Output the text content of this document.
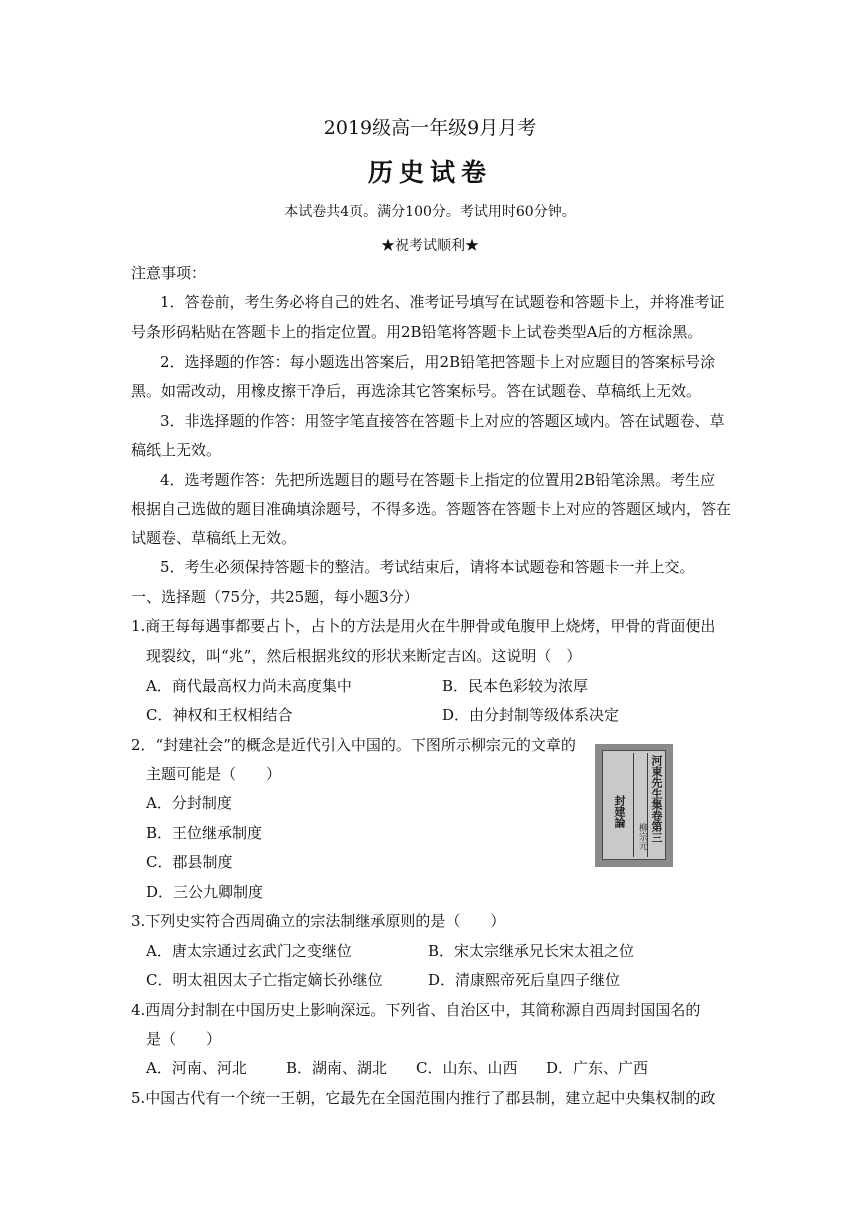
2019级高一年级9月月考
历史试卷
本试卷共4页。满分100分。考试用时60分钟。
★祝考试顺利★
注意事项：
1．答卷前，考生务必将自己的姓名、准考证号填写在试题卷和答题卡上，并将准考证
号条形码粘贴在答题卡上的指定位置。用2B铅笔将答题卡上试卷类型A后的方框涂黑。
2．选择题的作答：每小题选出答案后，用2B铅笔把答题卡上对应题目的答案标号涂
黑。如需改动，用橡皮擦干净后，再选涂其它答案标号。答在试题卷、草稿纸上无效。
3．非选择题的作答：用签字笔直接答在答题卡上对应的答题区域内。答在试题卷、草
稿纸上无效。
4．选考题作答：先把所选题目的题号在答题卡上指定的位置用2B铅笔涂黑。考生应
根据自己选做的题目准确填涂题号，不得多选。答题答在答题卡上对应的答题区域内，答在
试题卷、草稿纸上无效。
5．考生必须保持答题卡的整洁。考试结束后，请将本试题卷和答题卡一并上交。
一、选择题（75分，共25题，每小题3分）
1.商王每每遇事都要占卜，占卜的方法是用火在牛胛骨或龟腹甲上烧烤，甲骨的背面便出
现裂纹，叫“兆”，然后根据兆纹的形状来断定吉凶。这说明（　）
A．商代最高权力尚未高度集中	B．民本色彩较为浓厚
C．神权和王权相结合	D．由分封制等级体系决定
2．“封建社会”的概念是近代引入中国的。下图所示柳宗元的文章的
主题可能是（　　）
A．分封制度
B．王位继承制度
C．郡县制度
D．三公九卿制度
河東先生集卷第三
封建論
柳宗元
3.下列史实符合西周确立的宗法制继承原则的是（　　）
A．唐太宗通过玄武门之变继位	B．宋太宗继承兄长宋太祖之位
C．明太祖因太子亡指定嫡长孙继位	D．清康熙帝死后皇四子继位
4.西周分封制在中国历史上影响深远。下列省、自治区中，其简称源自西周封国国名的
是（　　）
A．河南、河北	B．湖南、湖北 C．山东、山西 D．广东、广西
5.中国古代有一个统一王朝，它最先在全国范围内推行了郡县制，建立起中央集权制的政
